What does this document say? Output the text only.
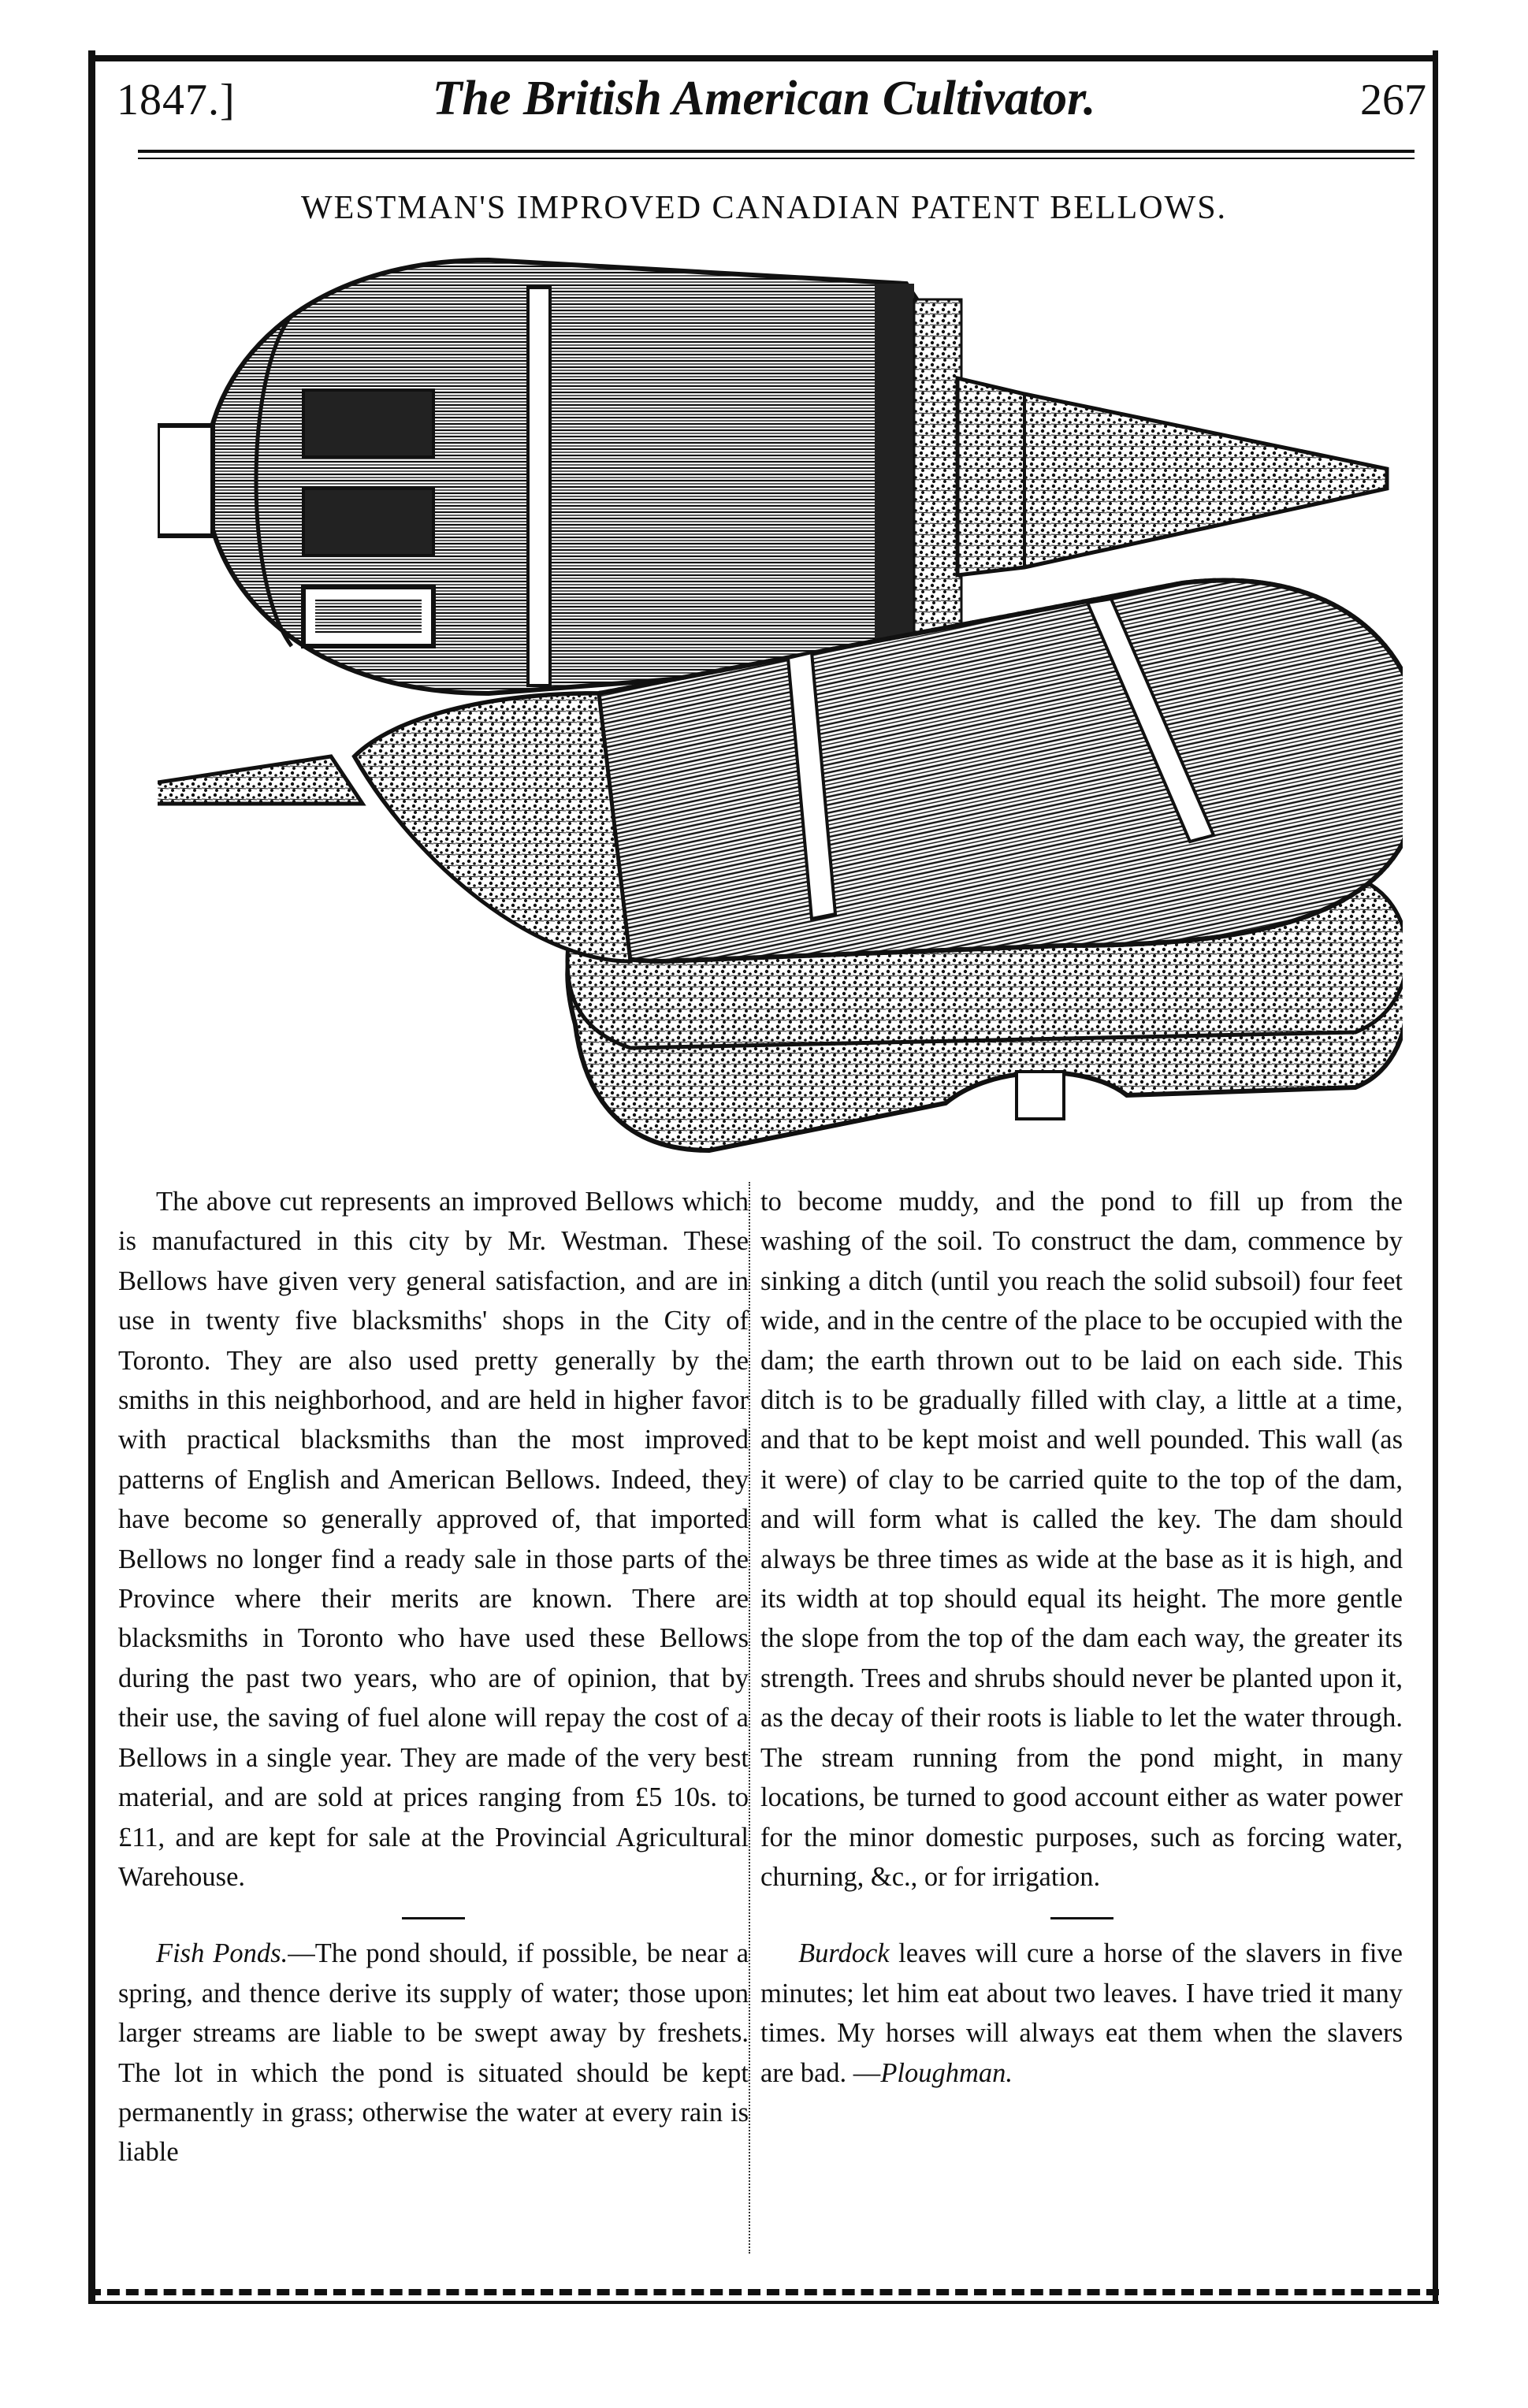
1847.]	The British American Cultivator.	267
WESTMAN'S IMPROVED CANADIAN PATENT BELLOWS.

The above cut represents an improved Bellows which is manufactured in this city by Mr. Westman. These Bellows have given very general satisfaction, and are in use in twenty five blacksmiths' shops in the City of Toronto. They are also used pretty generally by the smiths in this neighborhood, and are held in higher favor with practical blacksmiths than the most improved patterns of English and American Bellows. Indeed, they have become so generally approved of, that imported Bellows no longer find a ready sale in those parts of the Province where their merits are known. There are blacksmiths in Toronto who have used these Bellows during the past two years, who are of opinion, that by their use, the saving of fuel alone will repay the cost of a Bellows in a single year. They are made of the very best material, and are sold at prices ranging from £5 10s. to £11, and are kept for sale at the Provincial Agricultural Warehouse.

Fish Ponds.—The pond should, if possible, be near a spring, and thence derive its supply of water; those upon larger streams are liable to be swept away by freshets. The lot in which the pond is situated should be kept permanently in grass; otherwise the water at every rain is liable

to become muddy, and the pond to fill up from the washing of the soil. To construct the dam, commence by sinking a ditch (until you reach the solid subsoil) four feet wide, and in the centre of the place to be occupied with the dam; the earth thrown out to be laid on each side. This ditch is to be gradually filled with clay, a little at a time, and that to be kept moist and well pounded. This wall (as it were) of clay to be carried quite to the top of the dam, and will form what is called the key. The dam should always be three times as wide at the base as it is high, and its width at top should equal its height. The more gentle the slope from the top of the dam each way, the greater its strength. Trees and shrubs should never be planted upon it, as the decay of their roots is liable to let the water through. The stream running from the pond might, in many locations, be turned to good account either as water power for the minor domestic purposes, such as forcing water, churning, &c., or for irrigation.

Burdock leaves will cure a horse of the slavers in five minutes; let him eat about two leaves. I have tried it many times. My horses will always eat them when the slavers are bad. —Ploughman.
